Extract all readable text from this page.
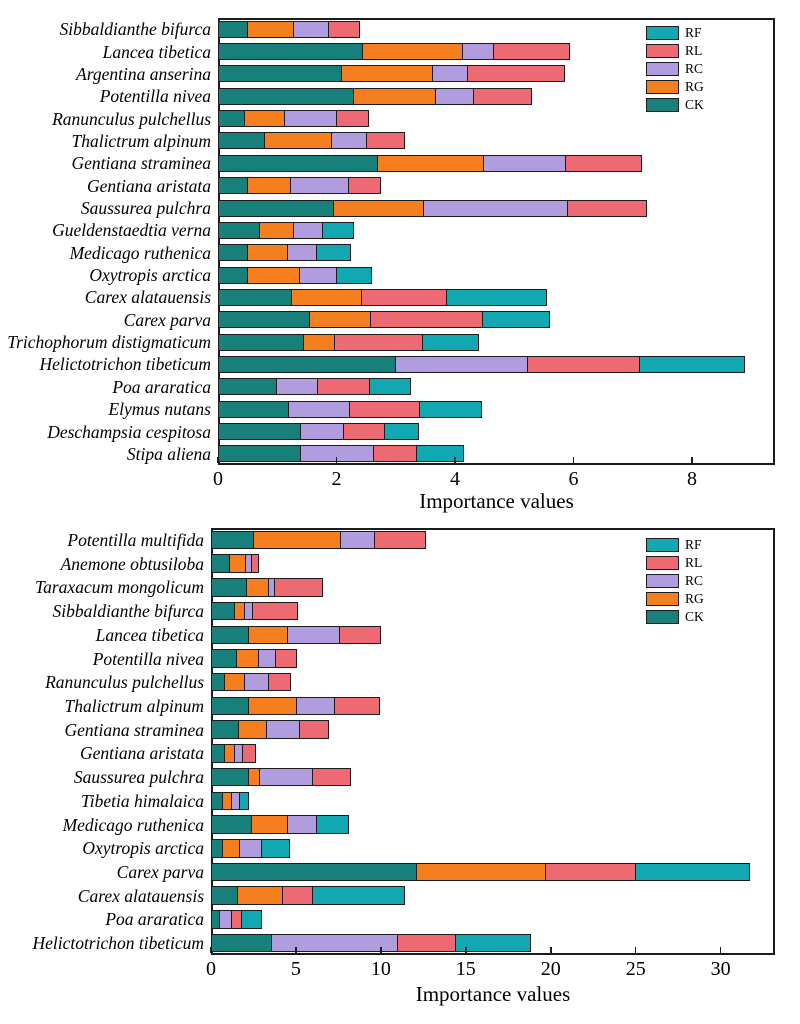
Sibbaldianthe bifurca
Lancea tibetica
Argentina anserina
Potentilla nivea
Ranunculus pulchellus
Thalictrum alpinum
Gentiana straminea
Gentiana aristata
Saussurea pulchra
Gueldenstaedtia verna
Medicago ruthenica
Oxytropis arctica
Carex alatauensis
Carex parva
Trichophorum distigmaticum
Helictotrichon tibeticum
Poa araratica
Elymus nutans
Deschampsia cespitosa
Stipa aliena
0	2	4	6	8
RF
RL
RC
RG
CK
Potentilla multifida
Anemone obtusiloba
Taraxacum mongolicum
Sibbaldianthe bifurca
Lancea tibetica
Potentilla nivea
Ranunculus pulchellus
Thalictrum alpinum
Gentiana straminea
Gentiana aristata
Saussurea pulchra
Tibetia himalaica
Medicago ruthenica
Oxytropis arctica
Carex parva
Carex alatauensis
Poa araratica
Helictotrichon tibeticum
0	5	10	15	20	25	30
RF
RL
RC
RG
CK
Importance values
Importance values
